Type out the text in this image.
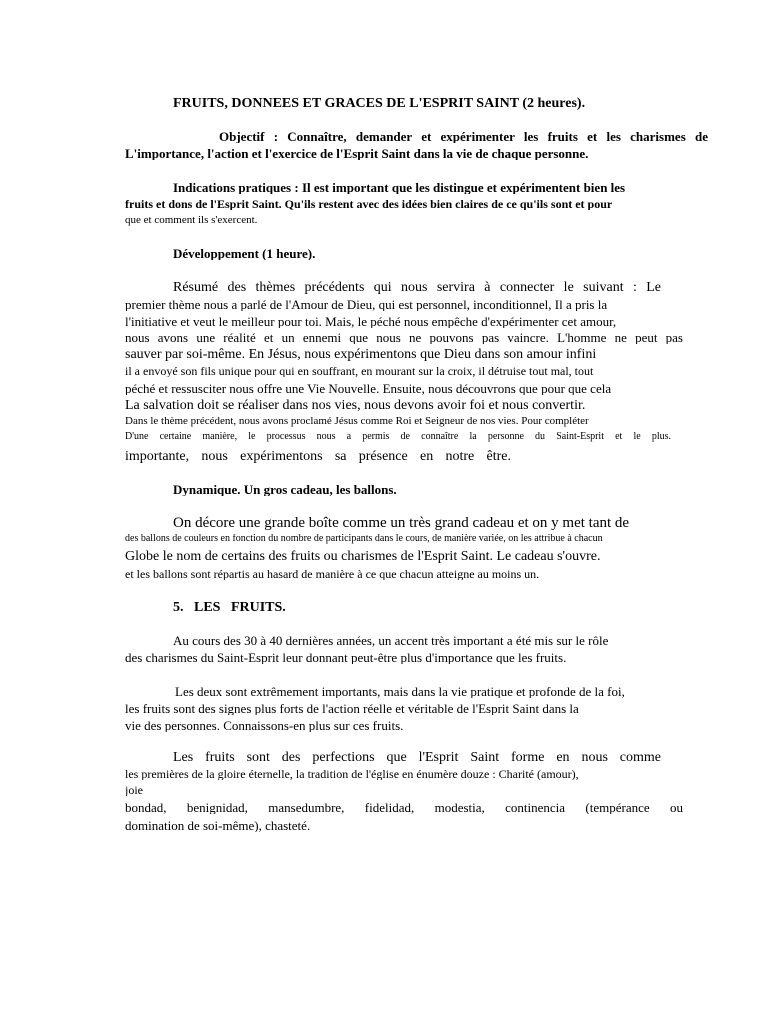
FRUITS, DONNEES ET GRACES DE L'ESPRIT SAINT (2 heures).
Objectif : Connaître, demander et expérimenter les fruits et les charismes de
L'importance, l'action et l'exercice de l'Esprit Saint dans la vie de chaque personne.
Indications pratiques : Il est important que les distingue et expérimentent bien les
fruits et dons de l'Esprit Saint. Qu'ils restent avec des idées bien claires de ce qu'ils sont et pour
que et comment ils s'exercent.
Développement (1 heure).
Résumé des thèmes précédents qui nous servira à connecter le suivant : Le
premier thème nous a parlé de l'Amour de Dieu, qui est personnel, inconditionnel, Il a pris la
l'initiative et veut le meilleur pour toi. Mais, le péché nous empêche d'expérimenter cet amour,
nous avons une réalité et un ennemi que nous ne pouvons pas vaincre. L'homme ne peut pas
sauver par soi-même. En Jésus, nous expérimentons que Dieu dans son amour infini
il a envoyé son fils unique pour qui en souffrant, en mourant sur la croix, il détruise tout mal, tout
péché et ressusciter nous offre une Vie Nouvelle. Ensuite, nous découvrons que pour que cela
La salvation doit se réaliser dans nos vies, nous devons avoir foi et nous convertir.
Dans le thème précédent, nous avons proclamé Jésus comme Roi et Seigneur de nos vies. Pour compléter
D'une certaine manière, le processus nous a permis de connaître la personne du Saint-Esprit et le plus.
importante, nous expérimentons sa présence en notre être.
Dynamique. Un gros cadeau, les ballons.
On décore une grande boîte comme un très grand cadeau et on y met tant de
des ballons de couleurs en fonction du nombre de participants dans le cours, de manière variée, on les attribue à chacun
Globe le nom de certains des fruits ou charismes de l'Esprit Saint. Le cadeau s'ouvre.
et les ballons sont répartis au hasard de manière à ce que chacun atteigne au moins un.
5.   LES   FRUITS.
Au cours des 30 à 40 dernières années, un accent très important a été mis sur le rôle
des charismes du Saint-Esprit leur donnant peut-être plus d'importance que les fruits.
Les deux sont extrêmement importants, mais dans la vie pratique et profonde de la foi,
les fruits sont des signes plus forts de l'action réelle et véritable de l'Esprit Saint dans la
vie des personnes. Connaissons-en plus sur ces fruits.
Les fruits sont des perfections que l'Esprit Saint forme en nous comme
les premières de la gloire éternelle, la tradition de l'église en énumère douze : Charité (amour),
joie
bondad, benignidad, mansedumbre, fidelidad, modestia, continencia (tempérance ou
domination de soi-même), chasteté.
